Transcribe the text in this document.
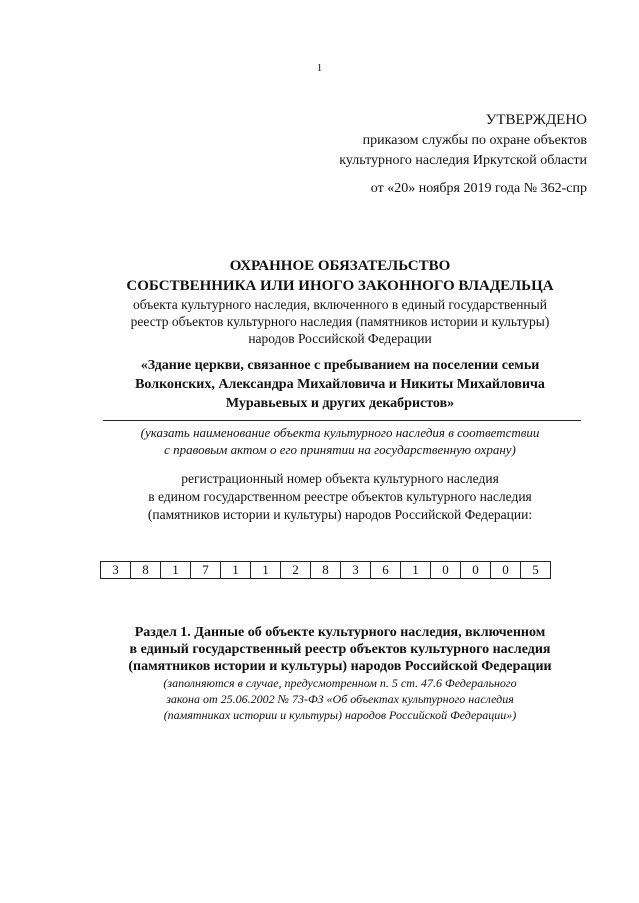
1
УТВЕРЖДЕНО
приказом службы по охране объектов
культурного наследия Иркутской области
от «20» ноября 2019 года № 362-спр
ОХРАННОЕ ОБЯЗАТЕЛЬСТВО
СОБСТВЕННИКА ИЛИ ИНОГО ЗАКОННОГО ВЛАДЕЛЬЦА
объекта культурного наследия, включенного в единый государственный
реестр объектов культурного наследия (памятников истории и культуры)
народов Российской Федерации
«Здание церкви, связанное с пребыванием на поселении семьи
Волконских, Александра Михайловича и Никиты Михайловича
Муравьевых и других декабристов»
(указать наименование объекта культурного наследия в соответствии
с правовым актом о его принятии на государственную охрану)
регистрационный номер объекта культурного наследия
в едином государственном реестре объектов культурного наследия
(памятников истории и культуры) народов Российской Федерации:
3	8	1	7	1	1	2	8	3	6	1	0	0	0	5
Раздел 1. Данные об объекте культурного наследия, включенном
в единый государственный реестр объектов культурного наследия
(памятников истории и культуры) народов Российской Федерации
(заполняются в случае, предусмотренном п. 5 ст. 47.6 Федерального
закона от 25.06.2002 № 73-ФЗ «Об объектах культурного наследия
(памятниках истории и культуры) народов Российской Федерации»)
